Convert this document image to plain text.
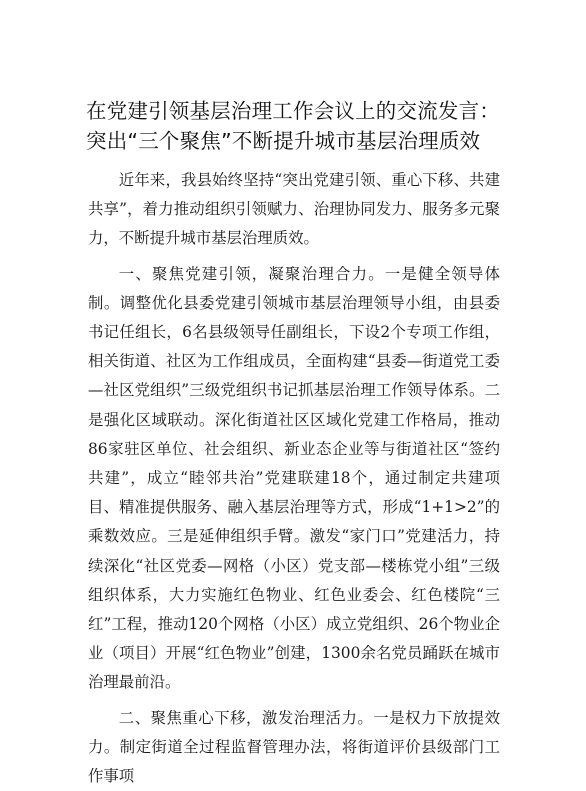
在党建引领基层治理工作会议上的交流发言：
突出“三个聚焦”不断提升城市基层治理质效

近年来，我县始终坚持“突出党建引领、重心下移、共建共享”，着力推动组织引领赋力、治理协同发力、服务多元聚力，不断提升城市基层治理质效。

一、聚焦党建引领，凝聚治理合力。一是健全领导体制。调整优化县委党建引领城市基层治理领导小组，由县委书记任组长，6名县级领导任副组长，下设2个专项工作组，相关街道、社区为工作组成员，全面构建“县委—街道党工委—社区党组织”三级党组织书记抓基层治理工作领导体系。二是强化区域联动。深化街道社区区域化党建工作格局，推动86家驻区单位、社会组织、新业态企业等与街道社区“签约共建”，成立“睦邻共治”党建联建18个，通过制定共建项目、精准提供服务、融入基层治理等方式，形成“1+1>2”的乘数效应。三是延伸组织手臂。激发“家门口”党建活力，持续深化“社区党委—网格（小区）党支部—楼栋党小组”三级组织体系，大力实施红色物业、红色业委会、红色楼院“三红”工程，推动120个网格（小区）成立党组织、26个物业企业（项目）开展“红色物业”创建，1300余名党员踊跃在城市治理最前沿。

二、聚焦重心下移，激发治理活力。一是权力下放提效力。制定街道全过程监督管理办法，将街道评价县级部门工作事项
